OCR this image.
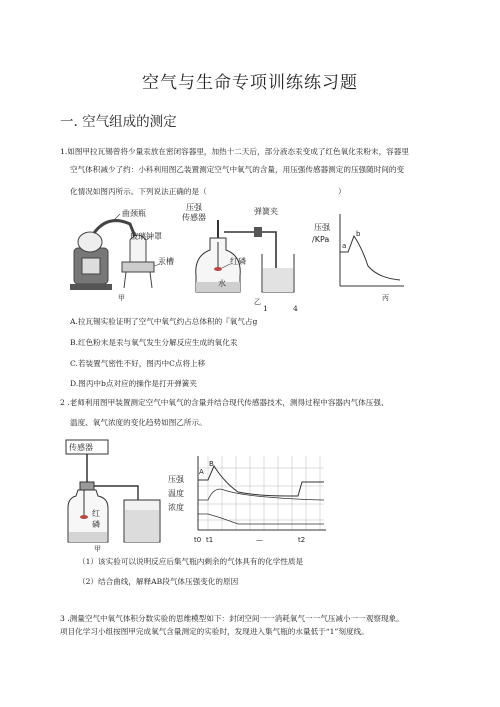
空气与生命专项训练练习题
一. 空气组成的测定
1.如图甲拉瓦锡曾将少量汞放在密闭容器里，加热十二天后，部分液态汞变成了红色氧化汞粉末，容器里
空气体积减少了约：小科利用图乙装置测定空气中氧气的含量，用压强传感器测定的压强随时间的变
化情况如图丙所示。下列说法正确的是（	）
曲颈瓶
玻璃钟罩
汞槽
甲
压强
传感器
弹簧夹
红磷
水
乙
压强
/KPa
a
b
丙
1	4
A.拉瓦锡实验证明了空气中氧气约占总体积的『氧气占g
B.红色粉末是汞与氧气发生分解反应生成的氧化汞
C.若装置气密性不好，图丙中C点将上移
D.图丙中b点对应的操作是打开弹簧夹
2 .老师利用图甲装置测定空气中氧气的含量并结合现代传感器技术，测得过程中容器内气体压强、
温度、氧气浓度的变化趋势如图乙所示。
传感器
红
磷
甲
压强
温度
浓度
A
B
t0 t1	—	t2
（1）该实验可以说明反应后集气瓶内剩余的气体具有的化学性质是
（2）结合曲线，解释AB段气体压强变化的原因
3 .测量空气中氧气体积分数实验的思维模型如下：封闭空间一一消耗氧气一一气压减小一一观察现象。
项目化学习小组按图甲完成氧气含量测定的实验时，发现进入集气瓶的水量低于“1”刻度线。
